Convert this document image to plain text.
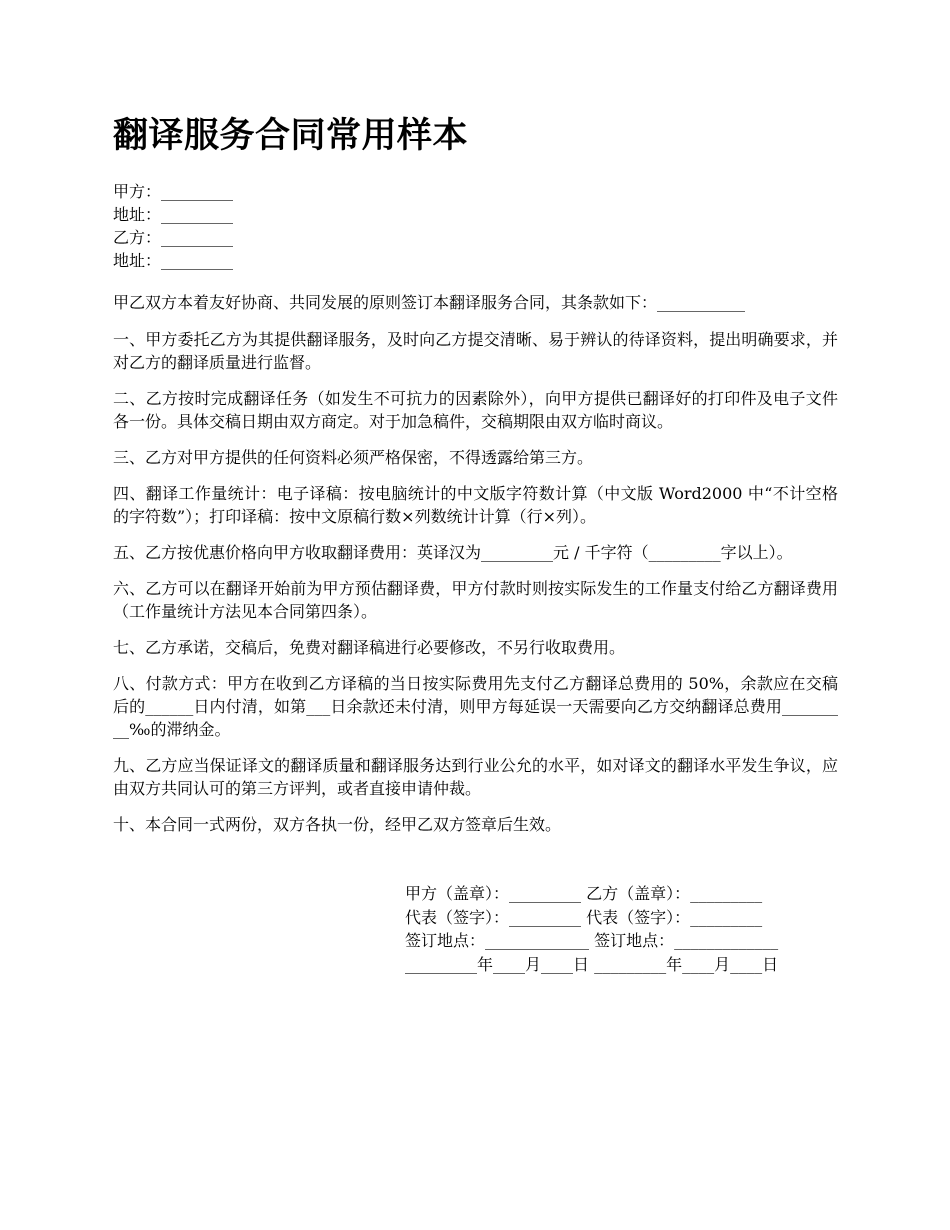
翻译服务合同常用样本
甲方：_________
地址：_________
乙方：_________
地址：_________

甲乙双方本着友好协商、共同发展的原则签订本翻译服务合同，其条款如下：___________

一、甲方委托乙方为其提供翻译服务，及时向乙方提交清晰、易于辨认的待译资料，提出明确要求，并对乙方的翻译质量进行监督。

二、乙方按时完成翻译任务（如发生不可抗力的因素除外），向甲方提供已翻译好的打印件及电子文件各一份。具体交稿日期由双方商定。对于加急稿件，交稿期限由双方临时商议。

三、乙方对甲方提供的任何资料必须严格保密，不得透露给第三方。

四、翻译工作量统计：电子译稿：按电脑统计的中文版字符数计算（中文版 Word2000 中“不计空格的字符数”）；打印译稿：按中文原稿行数×列数统计计算（行×列）。

五、乙方按优惠价格向甲方收取翻译费用：英译汉为_________元 / 千字符（_________字以上）。

六、乙方可以在翻译开始前为甲方预估翻译费，甲方付款时则按实际发生的工作量支付给乙方翻译费用（工作量统计方法见本合同第四条）。

七、乙方承诺，交稿后，免费对翻译稿进行必要修改，不另行收取费用。

八、付款方式：甲方在收到乙方译稿的当日按实际费用先支付乙方翻译总费用的 50%，余款应在交稿后的______日内付清，如第___日余款还未付清，则甲方每延误一天需要向乙方交纳翻译总费用_________‰的滞纳金。

九、乙方应当保证译文的翻译质量和翻译服务达到行业公允的水平，如对译文的翻译水平发生争议，应由双方共同认可的第三方评判，或者直接申请仲裁。

十、本合同一式两份，双方各执一份，经甲乙双方签章后生效。

甲方（盖章）：_________ 乙方（盖章）：_________
代表（签字）：_________ 代表（签字）：_________
签订地点：_____________ 签订地点：_____________
_________年____月____日 _________年____月____日
